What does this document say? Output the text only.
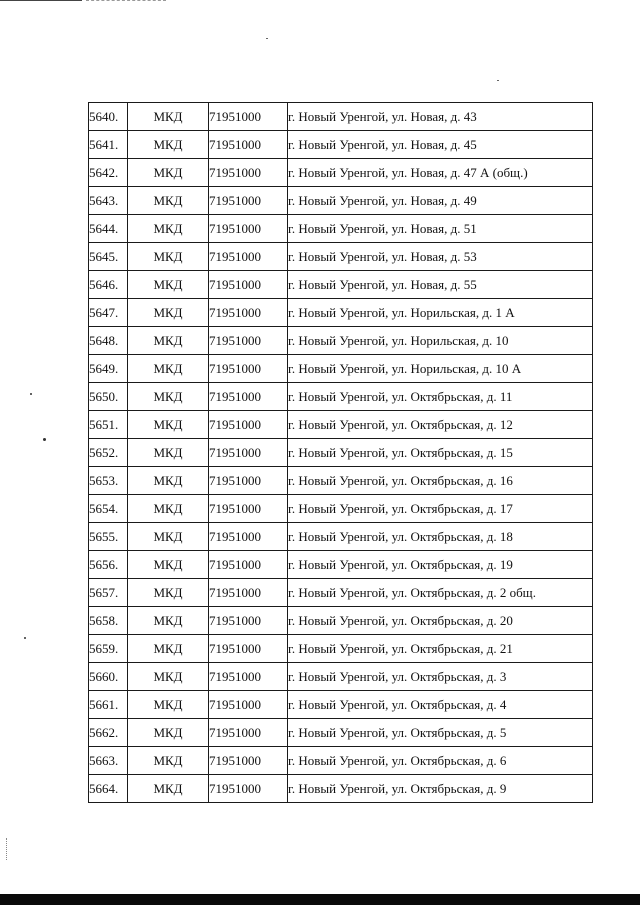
5640.	МКД	71951000	г. Новый Уренгой, ул. Новая, д. 43
5641.	МКД	71951000	г. Новый Уренгой, ул. Новая, д. 45
5642.	МКД	71951000	г. Новый Уренгой, ул. Новая, д. 47 А (общ.)
5643.	МКД	71951000	г. Новый Уренгой, ул. Новая, д. 49
5644.	МКД	71951000	г. Новый Уренгой, ул. Новая, д. 51
5645.	МКД	71951000	г. Новый Уренгой, ул. Новая, д. 53
5646.	МКД	71951000	г. Новый Уренгой, ул. Новая, д. 55
5647.	МКД	71951000	г. Новый Уренгой, ул. Норильская, д. 1 А
5648.	МКД	71951000	г. Новый Уренгой, ул. Норильская, д. 10
5649.	МКД	71951000	г. Новый Уренгой, ул. Норильская, д. 10 А
5650.	МКД	71951000	г. Новый Уренгой, ул. Октябрьская, д. 11
5651.	МКД	71951000	г. Новый Уренгой, ул. Октябрьская, д. 12
5652.	МКД	71951000	г. Новый Уренгой, ул. Октябрьская, д. 15
5653.	МКД	71951000	г. Новый Уренгой, ул. Октябрьская, д. 16
5654.	МКД	71951000	г. Новый Уренгой, ул. Октябрьская, д. 17
5655.	МКД	71951000	г. Новый Уренгой, ул. Октябрьская, д. 18
5656.	МКД	71951000	г. Новый Уренгой, ул. Октябрьская, д. 19
5657.	МКД	71951000	г. Новый Уренгой, ул. Октябрьская, д. 2 общ.
5658.	МКД	71951000	г. Новый Уренгой, ул. Октябрьская, д. 20
5659.	МКД	71951000	г. Новый Уренгой, ул. Октябрьская, д. 21
5660.	МКД	71951000	г. Новый Уренгой, ул. Октябрьская, д. 3
5661.	МКД	71951000	г. Новый Уренгой, ул. Октябрьская, д. 4
5662.	МКД	71951000	г. Новый Уренгой, ул. Октябрьская, д. 5
5663.	МКД	71951000	г. Новый Уренгой, ул. Октябрьская, д. 6
5664.	МКД	71951000	г. Новый Уренгой, ул. Октябрьская, д. 9
